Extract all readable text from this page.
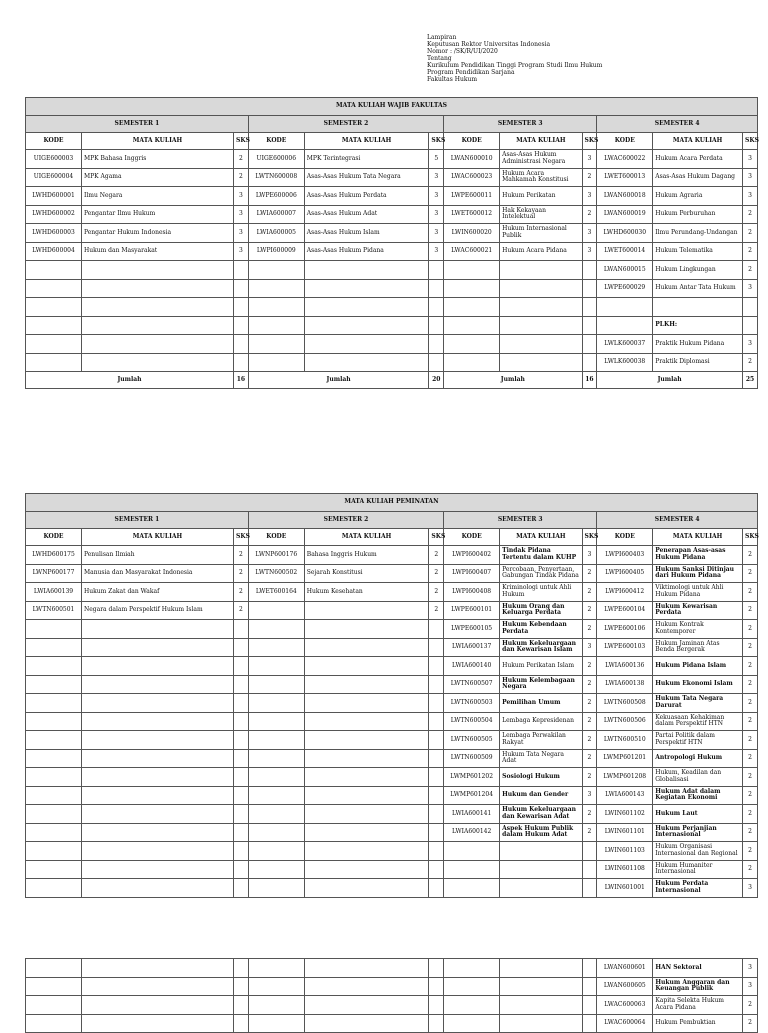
Lampiran
Keputusan Rektor Universitas Indonesia
Nomor : /SK/R/UI/2020
Tentang
Kurikulum Pendidikan Tinggi Program Studi Ilmu Hukum
Program Pendidikan Sarjana
Fakultas Hukum
MATA KULIAH WAJIB FAKULTAS											
SEMESTER 1			SEMESTER 2			SEMESTER 3			SEMESTER 4		
KODE	MATA KULIAH	SKS	KODE	MATA KULIAH	SKS	KODE	MATA KULIAH	SKS	KODE	MATA KULIAH	SKS
UIGE600003	MPK Bahasa Inggris	2	UIGE600006	MPK Terintegrasi	5	LWAN600010	Asas-Asas Hukum Administrasi Negara	3	LWAC600022	Hukum Acara Perdata	3
UIGE600004	MPK Agama	2	LWTN600008	Asas-Asas Hukum Tata Negara	3	LWAC600023	Hukum Acara Mahkamah Konstitusi	2	LWET600013	Asas-Asas Hukum Dagang	3
LWHD600001	Ilmu Negara	3	LWPE600006	Asas-Asas Hukum Perdata	3	LWPE600011	Hukum Perikatan	3	LWAN600018	Hukum Agraria	3
LWHD600002	Pengantar Ilmu Hukum	3	LWIA600007	Asas-Asas Hukum Adat	3	LWET600012	Hak Kekayaan Intelektual	2	LWAN600019	Hukum Perburuhan	2
LWHD600003	Pengantar Hukum Indonesia	3	LWIA600005	Asas-Asas Hukum Islam	3	LWIN600020	Hukum Internasional Publik	3	LWHD600030	Ilmu Perundang-Undangan	2
LWHD600004	Hukum dan Masyarakat	3	LWPI600009	Asas-Asas Hukum Pidana	3	LWAC600021	Hukum Acara Pidana	3	LWET600014	Hukum Telematika	2
									LWAN600015	Hukum Lingkungan	2
									LWPE600029	Hukum Antar Tata Hukum	3

										PLKH:	
									LWLK600037	Praktik Hukum Pidana	3
									LWLK600038	Praktik Diplomasi	2
Jumlah		16	Jumlah		20	Jumlah		16	Jumlah		25
MATA KULIAH PEMINATAN											
SEMESTER 1			SEMESTER 2			SEMESTER 3			SEMESTER 4		
KODE	MATA KULIAH	SKS	KODE	MATA KULIAH	SKS	KODE	MATA KULIAH	SKS	KODE	MATA KULIAH	SKS
LWHD600175	Penulisan Ilmiah	2	LWNP600176	Bahasa Inggris Hukum	2	LWPI600402	Tindak Pidana Tertentu dalam KUHP	3	LWPI600403	Penerapan Asas-asas Hukum Pidana	2
LWNP600177	Manusia dan Masyarakat Indonesia	2	LWTN600502	Sejarah Konstitusi	2	LWPI600407	Percobaan, Penyertaan, Gabungan Tindak Pidana	2	LWPI600405	Hukum Sanksi Ditinjau dari Hukum Pidana	2
LWIA600139	Hukum Zakat dan Wakaf	2	LWET600164	Hukum Kesehatan	2	LWPI600408	Kriminologi untuk Ahli Hukum	2	LWPI600412	Viktimologi untuk Ahli Hukum Pidana	2
LWTN600501	Negara dalam Perspektif Hukum Islam	2			2	LWPE600101	Hukum Orang dan Keluarga Perdata	2	LWPE600104	Hukum Kewarisan Perdata	2
						LWPE600105	Hukum Kebendaan Perdata	2	LWPE600106	Hukum Kontrak Kontemporer	2
						LWIA600137	Hukum Kekeluargaan dan Kewarisan Islam	3	LWPE600103	Hukum Jaminan Atas Benda Bergerak	2
						LWIA600140	Hukum Perikatan Islam	2	LWIA600136	Hukum Pidana Islam	2
						LWTN600507	Hukum Kelembagaan Negara	2	LWIA600138	Hukum Ekonomi Islam	2
						LWTN600503	Pemilihan Umum	2	LWTN600508	Hukum Tata Negara Darurat	2
						LWTN600504	Lembaga Kepresidenan	2	LWTN600506	Kekuasaan Kehakiman dalam Perspektif HTN	2
						LWTN600505	Lembaga Perwakilan Rakyat	2	LWTN600510	Partai Politik dalam Perspektif HTN	2
						LWTN600509	Hukum Tata Negara Adat	2	LWMP601201	Antropologi Hukum	2
						LWMP601202	Sosiologi Hukum	2	LWMP601208	Hukum, Keadilan dan Globalisasi	2
						LWMP601204	Hukum dan Gender	3	LWIA600143	Hukum Adat dalam Kegiatan Ekonomi	2
						LWIA600141	Hukum Kekeluargaan dan Kewarisan Adat	2	LWIN601102	Hukum Laut	2
						LWIA600142	Aspek Hukum Publik dalam Hukum Adat	2	LWIN601101	Hukum Perjanjian Internasional	2
									LWIN601103	Hukum Organisasi Internasional dan Regional	2
									LWIN601108	Hukum Humaniter Internasional	2
									LWIN601001	Hukum Perdata Internasional	3
									LWAN600601	HAN Sektoral	3
									LWAN600605	Hukum Anggaran dan Keuangan Publik	3
									LWAC600063	Kapita Selekta Hukum Acara Pidana	2
									LWAC600064	Hukum Pembuktian	2
